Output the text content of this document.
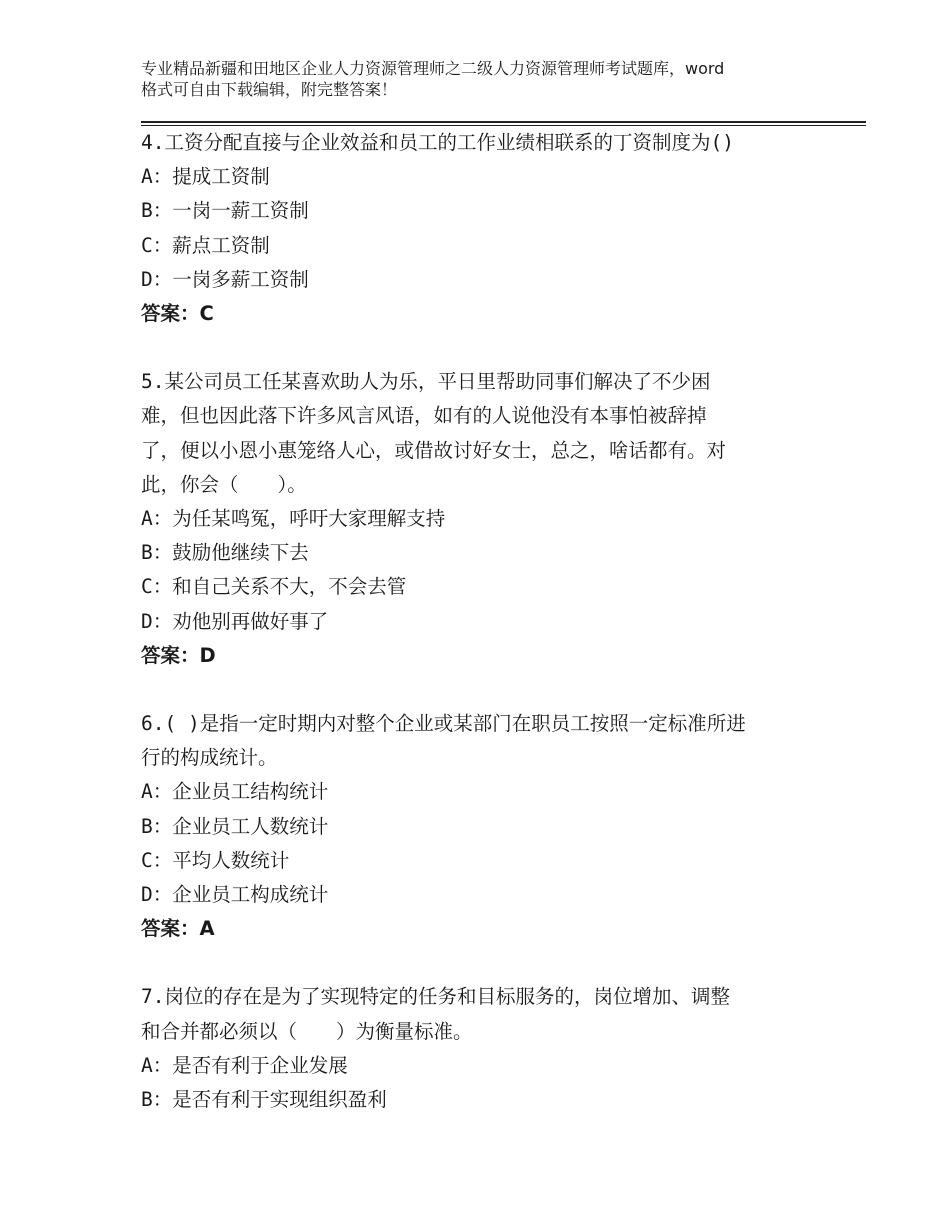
专业精品新疆和田地区企业人力资源管理师之二级人力资源管理师考试题库，word
格式可自由下载编辑，附完整答案！

4.工资分配直接与企业效益和员工的工作业绩相联系的丁资制度为()

A：提成工资制

B：一岗一薪工资制

C：薪点工资制

D：一岗多薪工资制

答案：C

5.某公司员工任某喜欢助人为乐，平日里帮助同事们解决了不少困

难，但也因此落下许多风言风语，如有的人说他没有本事怕被辞掉

了，便以小恩小惠笼络人心，或借故讨好女士，总之，啥话都有。对

此，你会（　　）。

A：为任某鸣冤，呼吁大家理解支持

B：鼓励他继续下去

C：和自己关系不大，不会去管

D：劝他别再做好事了

答案：D

6.( )是指一定时期内对整个企业或某部门在职员工按照一定标准所进

行的构成统计。

A：企业员工结构统计

B：企业员工人数统计

C：平均人数统计

D：企业员工构成统计

答案：A

7.岗位的存在是为了实现特定的任务和目标服务的，岗位增加、调整

和合并都必须以（　　）为衡量标准。

A：是否有利于企业发展

B：是否有利于实现组织盈利
